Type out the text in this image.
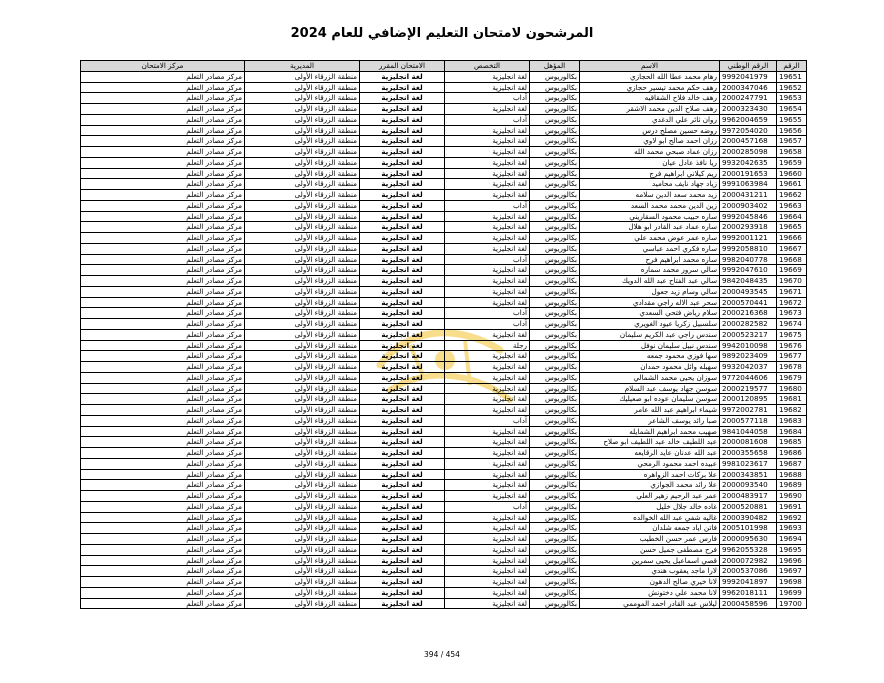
المرشحون لامتحان التعليم الإضافي للعام 2024
الرقم	الرقم الوطني	الاسم	المؤهل	التخصص	الامتحان المقرر	المديرية	مركز الامتحان
19651	9992041979	رهام محمد عطا الله الحجازي	بكالوريوس	لغة انجليزية	لغة انجليزية	منطقة الزرقاء الأولى	مركز مصادر التعلم
19652	2000347046	رهف حكم محمد تيسير حجازي	بكالوريوس	لغة انجليزية	لغة انجليزية	منطقة الزرقاء الأولى	مركز مصادر التعلم
19653	2000247791	رهف خالد فلاح الشقاقيه	بكالوريوس	آداب	لغة انجليزية	منطقة الزرقاء الأولى	مركز مصادر التعلم
19654	2000323430	رهف صلاح الدين محمد الاشقر	بكالوريوس	لغة انجليزية	لغة انجليزية	منطقة الزرقاء الأولى	مركز مصادر التعلم
19655	9962004659	روان ثائر علي الدغدي	بكالوريوس	آداب	لغة انجليزية	منطقة الزرقاء الأولى	مركز مصادر التعلم
19656	9972054020	روضه حسين مصلح درس	بكالوريوس	لغة انجليزية	لغة انجليزية	منطقة الزرقاء الأولى	مركز مصادر التعلم
19657	2000457168	رزان احمد صالح ابو لاوي	بكالوريوس	لغة انجليزية	لغة انجليزية	منطقة الزرقاء الأولى	مركز مصادر التعلم
19658	2000285098	رزان عماد صبحي محمد الله	بكالوريوس	لغة انجليزية	لغة انجليزية	منطقة الزرقاء الأولى	مركز مصادر التعلم
19659	9932042635	ريا نافذ عادل عيان	بكالوريوس	لغة انجليزية	لغة انجليزية	منطقة الزرقاء الأولى	مركز مصادر التعلم
19660	2000191653	ريم كيلاني ابراهيم فرج	بكالوريوس	لغة انجليزية	لغة انجليزية	منطقة الزرقاء الأولى	مركز مصادر التعلم
19661	9991063984	زياد جهاد نايف محاميد	بكالوريوس	لغة انجليزية	لغة انجليزية	منطقة الزرقاء الأولى	مركز مصادر التعلم
19662	2000431211	زيد محمد سعد الدين سلامه	بكالوريوس	لغة انجليزية	لغة انجليزية	منطقة الزرقاء الأولى	مركز مصادر التعلم
19663	2000903402	زين الدين محمد محمد السعد	بكالوريوس	آداب	لغة انجليزية	منطقة الزرقاء الأولى	مركز مصادر التعلم
19664	9992045846	ساره حبيب محمود السقاريني	بكالوريوس	لغة انجليزية	لغة انجليزية	منطقة الزرقاء الأولى	مركز مصادر التعلم
19665	2000293918	ساره عماد عبد القادر ابو هلال	بكالوريوس	لغة انجليزية	لغة انجليزية	منطقة الزرقاء الأولى	مركز مصادر التعلم
19666	9992001121	ساره عمر عوض محمد علي	بكالوريوس	لغة انجليزية	لغة انجليزية	منطقة الزرقاء الأولى	مركز مصادر التعلم
19667	9992058810	ساره فكري احمد عباسي	بكالوريوس	لغة انجليزية	لغة انجليزية	منطقة الزرقاء الأولى	مركز مصادر التعلم
19668	9982040778	ساره محمد ابراهيم فرح	بكالوريوس	آداب	لغة انجليزية	منطقة الزرقاء الأولى	مركز مصادر التعلم
19669	9992047610	سالي سرور محمد سماره	بكالوريوس	لغة انجليزية	لغة انجليزية	منطقة الزرقاء الأولى	مركز مصادر التعلم
19670	9842048435	سالي عبد الفتاح عبد الله الدويك	بكالوريوس	لغة انجليزية	لغة انجليزية	منطقة الزرقاء الأولى	مركز مصادر التعلم
19671	2000493545	سالي وسام زيد جعول	بكالوريوس	لغة انجليزية	لغة انجليزية	منطقة الزرقاء الأولى	مركز مصادر التعلم
19672	2000570441	سحر عبد الاله راجي مقدادي	بكالوريوس	لغة انجليزية	لغة انجليزية	منطقة الزرقاء الأولى	مركز مصادر التعلم
19673	2000216368	سلام رياض فتحي السعدي	بكالوريوس	آداب	لغة انجليزية	منطقة الزرقاء الأولى	مركز مصادر التعلم
19674	2000282582	سلسبيل زكريا عيود الغويري	بكالوريوس	آداب	لغة انجليزية	منطقة الزرقاء الأولى	مركز مصادر التعلم
19675	2000523217	سندس راجي عبد الكريم سليمان	بكالوريوس	لغة انجليزية	لغة انجليزية	منطقة الزرقاء الأولى	مركز مصادر التعلم
19676	9942010098	سندس نبيل سليمان نوفل	بكالوريوس	رجلة	لغة انجليزية	منطقة الزرقاء الأولى	مركز مصادر التعلم
19677	9892023409	سها فوزي محمود جمعه	بكالوريوس	لغة انجليزية	لغة انجليزية	منطقة الزرقاء الأولى	مركز مصادر التعلم
19678	9932042037	سهيله وائل محمود حمدان	بكالوريوس	لغة انجليزية	لغة انجليزية	منطقة الزرقاء الأولى	مركز مصادر التعلم
19679	9772044606	سوزان يحيى محمد الشمالي	بكالوريوس	لغة انجليزية	لغة انجليزية	منطقة الزرقاء الأولى	مركز مصادر التعلم
19680	2000219577	سوسن جهاد يوسف عبد السلام	بكالوريوس	لغة انجليزية	لغة انجليزية	منطقة الزرقاء الأولى	مركز مصادر التعلم
19681	2000120895	سوسن سليمان عوده ابو صعيليك	بكالوريوس	لغة انجليزية	لغة انجليزية	منطقة الزرقاء الأولى	مركز مصادر التعلم
19682	9972002781	شيماء ابراهيم عبد الله عامر	بكالوريوس	لغة انجليزية	لغة انجليزية	منطقة الزرقاء الأولى	مركز مصادر التعلم
19683	2000577118	صبا رائد يوسف الشاعر	بكالوريوس	آداب	لغة انجليزية	منطقة الزرقاء الأولى	مركز مصادر التعلم
19684	9841044058	صهيب محمد ابراهيم الشمايله	بكالوريوس	لغة انجليزية	لغة انجليزية	منطقة الزرقاء الأولى	مركز مصادر التعلم
19685	2000081608	عبد اللطيف خالد عبد اللطيف ابو صلاح	بكالوريوس	لغة انجليزية	لغة انجليزية	منطقة الزرقاء الأولى	مركز مصادر التعلم
19686	2000355658	عبد الله عدنان عايد الرقايعه	بكالوريوس	لغة انجليزية	لغة انجليزية	منطقة الزرقاء الأولى	مركز مصادر التعلم
19687	9981023617	عبيده احمد محمود الرمحي	بكالوريوس	لغة انجليزية	لغة انجليزية	منطقة الزرقاء الأولى	مركز مصادر التعلم
19688	2000343851	علا بركات احمد الزواهره	بكالوريوس	لغة انجليزية	لغة انجليزية	منطقة الزرقاء الأولى	مركز مصادر التعلم
19689	2000093540	علا رائد محمد الجوازي	بكالوريوس	لغة انجليزية	لغة انجليزية	منطقة الزرقاء الأولى	مركز مصادر التعلم
19690	2000483917	عمر عبد الرحيم زهير العلي	بكالوريوس	لغة انجليزية	لغة انجليزية	منطقة الزرقاء الأولى	مركز مصادر التعلم
19691	2000520881	غاده خالد جلال خليل	بكالوريوس	آداب	لغة انجليزية	منطقة الزرقاء الأولى	مركز مصادر التعلم
19692	2000390482	غاليه شفي عبد الله الخوالده	بكالوريوس	لغة انجليزية	لغة انجليزية	منطقة الزرقاء الأولى	مركز مصادر التعلم
19693	2005101998	فاتن اياد جمعه شلدان	بكالوريوس	لغة انجليزية	لغة انجليزية	منطقة الزرقاء الأولى	مركز مصادر التعلم
19694	2000095630	فارس عمر حسن الخطيب	بكالوريوس	لغة انجليزية	لغة انجليزية	منطقة الزرقاء الأولى	مركز مصادر التعلم
19695	9962055328	فرح مصطفى جميل حسن	بكالوريوس	لغة انجليزية	لغة انجليزية	منطقة الزرقاء الأولى	مركز مصادر التعلم
19696	2000072982	قصي اسماعيل يحيى سمرين	بكالوريوس	لغة انجليزية	لغة انجليزية	منطقة الزرقاء الأولى	مركز مصادر التعلم
19697	2000537086	لارا ماجد يعقوب هندي	بكالوريوس	لغة انجليزية	لغة انجليزية	منطقة الزرقاء الأولى	مركز مصادر التعلم
19698	9992041897	لانا خيري صالح الدهون	بكالوريوس	لغة انجليزية	لغة انجليزية	منطقة الزرقاء الأولى	مركز مصادر التعلم
19699	9962018111	لانا محمد علي دختونش	بكالوريوس	لغة انجليزية	لغة انجليزية	منطقة الزرقاء الأولى	مركز مصادر التعلم
19700	2000458596	ليلاس عبد القادر احمد الموممي	بكالوريوس	لغة انجليزية	لغة انجليزية	منطقة الزرقاء الأولى	مركز مصادر التعلم
394 / 454
